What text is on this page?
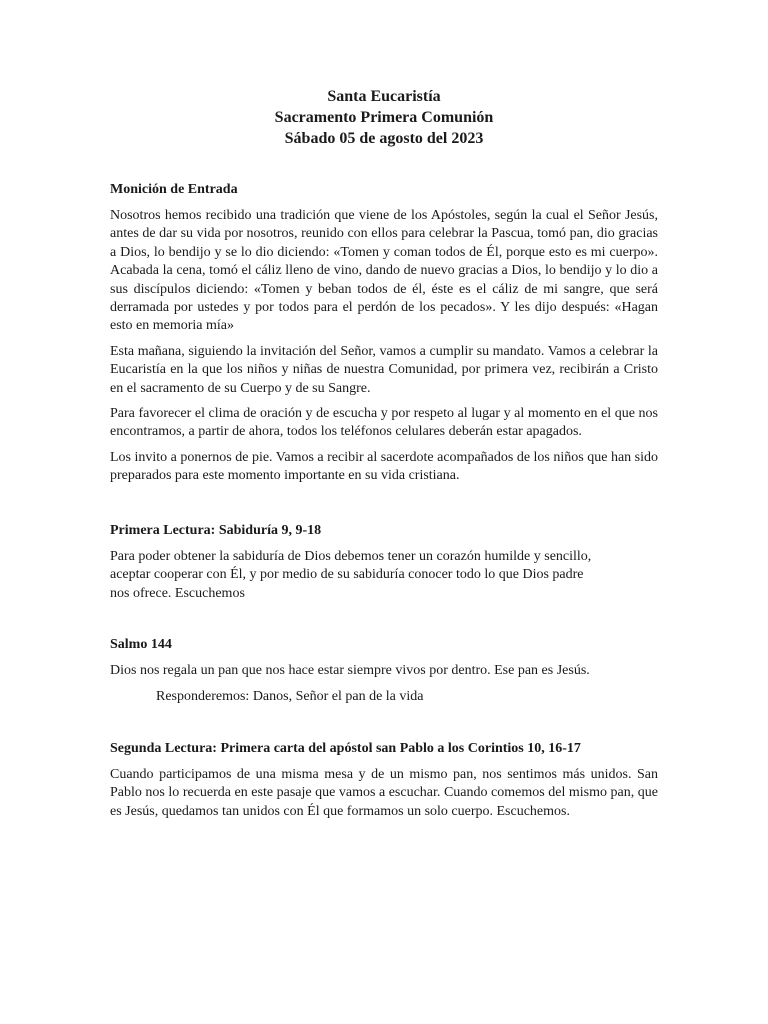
Santa Eucaristía
Sacramento Primera Comunión
Sábado 05 de agosto del 2023

Monición de Entrada

Nosotros hemos recibido una tradición que viene de los Apóstoles, según la cual el Señor Jesús, antes de dar su vida por nosotros, reunido con ellos para celebrar la Pascua, tomó pan, dio gracias a Dios, lo bendijo y se lo dio diciendo: «Tomen y coman todos de Él, porque esto es mi cuerpo». Acabada la cena, tomó el cáliz lleno de vino, dando de nuevo gracias a Dios, lo bendijo y lo dio a sus discípulos diciendo: «Tomen y beban todos de él, éste es el cáliz de mi sangre, que será derramada por ustedes y por todos para el perdón de los pecados». Y les dijo después: «Hagan esto en memoria mía»

Esta mañana, siguiendo la invitación del Señor, vamos a cumplir su mandato. Vamos a celebrar la Eucaristía en la que los niños y niñas de nuestra Comunidad, por primera vez, recibirán a Cristo en el sacramento de su Cuerpo y de su Sangre.

Para favorecer el clima de oración y de escucha y por respeto al lugar y al momento en el que nos encontramos, a partir de ahora, todos los teléfonos celulares deberán estar apagados.

Los invito a ponernos de pie. Vamos a recibir al sacerdote acompañados de los niños que han sido preparados para este momento importante en su vida cristiana.

Primera Lectura: Sabiduría 9, 9-18

Para poder obtener la sabiduría de Dios debemos tener un corazón humilde y sencillo,
aceptar cooperar con Él, y por medio de su sabiduría conocer todo lo que Dios padre
nos ofrece. Escuchemos

Salmo 144

Dios nos regala un pan que nos hace estar siempre vivos por dentro. Ese pan es Jesús.

Responderemos: Danos, Señor el pan de la vida

Segunda Lectura: Primera carta del apóstol san Pablo a los Corintios 10, 16-17

Cuando participamos de una misma mesa y de un mismo pan, nos sentimos más unidos. San Pablo nos lo recuerda en este pasaje que vamos a escuchar. Cuando comemos del mismo pan, que es Jesús, quedamos tan unidos con Él que formamos un solo cuerpo. Escuchemos.
